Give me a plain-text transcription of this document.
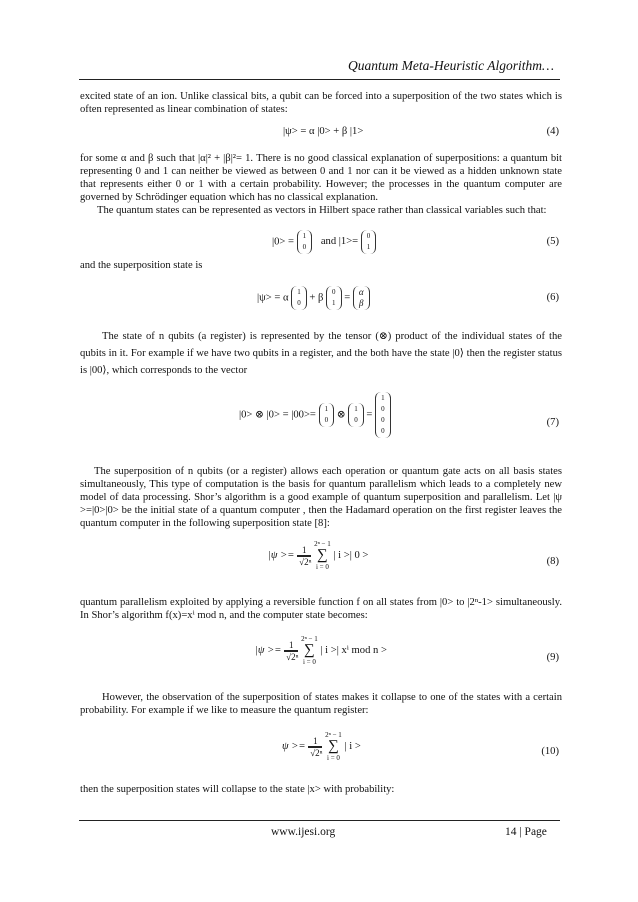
Quantum Meta-Heuristic Algorithm…
excited state of an ion. Unlike classical bits, a qubit can be forced into a superposition of the two states which is often represented as linear combination of states:
|ψ> = α |0> + β |1>	(4)
for some α and β such that |α|² + |β|²= 1. There is no good classical explanation of superpositions: a quantum bit representing 0 and 1 can neither be viewed as between 0 and 1 nor can it be viewed as a hidden unknown state that represents either 0 or 1 with a certain probability. However; the processes in the quantum computer are governed by Schrödinger equation which has no classical explanation.
The quantum states can be represented as vectors in Hilbert space rather than classical variables such that:
|0> = 1
0 and |1>= 0
1	(5)
and the superposition state is
|ψ> = α 1
0 + β 0
1 = α
β	(6)
The state of n qubits (a register) is represented by the tensor (⊗) product of the individual states of the qubits in it. For example if we have two qubits in a register, and the both have the state |0⟩ then the register status is |00⟩, which corresponds to the vector
|0> ⊗ |0> = |00>= 1
0 ⊗ 1
0 = 1
0
0
0
(7)
The superposition of n qubits (or a register) allows each operation or quantum gate acts on all basis states simultaneously, This type of computation is the basis for quantum parallelism which leads to a completely new model of data processing. Shor’s algorithm is a good example of quantum superposition and parallelism. Let |ψ >=|0>|0> be the initial state of a quantum computer , then the Hadamard operation on the first register leaves the quantum computer in the following superposition state [8]:
$|\psi >= \frac{1}{\text{√2ⁿ}}$

2ⁿ − 1
∑
i = 0
| i >| 0 >
(8)
quantum parallelism exploited by applying a reversible function f on all states from |0> to |2ⁿ-1> simultaneously. In Shor’s algorithm f(x)=xⁱ mod n, and the computer state becomes:
$|\psi >= \frac{1}{\text{√2ⁿ}}$

2ⁿ − 1
∑
i = 0
| i >| xⁱ mod n >
(9)
However, the observation of the superposition of states makes it collapse to one of the states with a certain probability. For example if we like to measure the quantum register:
$\psi >= \frac{1}{\text{√2ⁿ}}$

2ⁿ − 1
∑
i = 0
| i >	(10)
then the superposition states will collapse to the state |x> with probability:
www.ijesi.org	14 | Page
